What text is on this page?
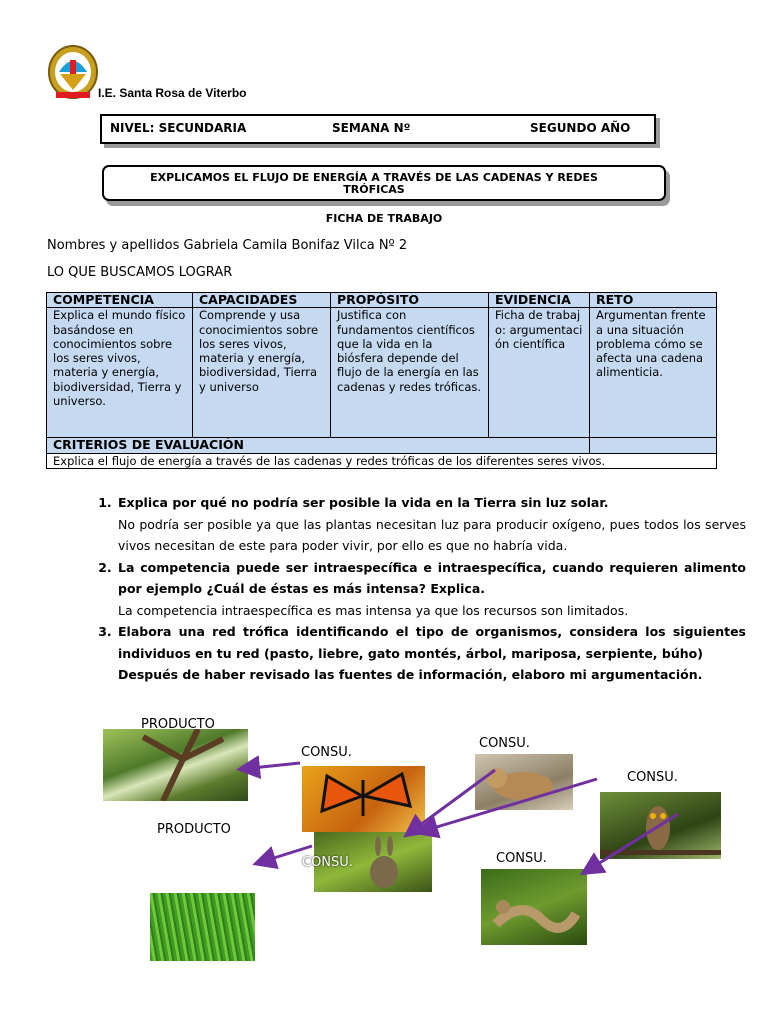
I.E. Santa Rosa de Viterbo
NIVEL: SECUNDARIA	SEMANA Nº	SEGUNDO AÑO
EXPLICAMOS EL FLUJO DE ENERGÍA A TRAVÉS DE LAS CADENAS Y REDES TRÓFICAS
FICHA DE TRABAJO
Nombres y apellidos Gabriela Camila Bonifaz Vilca Nº 2
LO QUE BUSCAMOS LOGRAR
COMPETENCIA	CAPACIDADES	PROPÓSITO	EVIDENCIA	RETO
Explica el mundo físico basándose en conocimientos sobre los seres vivos, materia y energía, biodiversidad, Tierra y universo.	Comprende y usa conocimientos sobre los seres vivos, materia y energía, biodiversidad, Tierra y universo	Justifica con fundamentos científicos que la vida en la biósfera depende del flujo de la energía en las cadenas y redes tróficas.	Ficha de trabajo: argumentación científica	Argumentan frente a una situación problema cómo se afecta una cadena alimenticia.
CRITERIOS DE EVALUACIÓN				
Explica el flujo de energía a través de las cadenas y redes tróficas de los diferentes seres vivos.				
1. Explica por qué no podría ser posible la vida en la Tierra sin luz solar.
No podría ser posible ya que las plantas necesitan luz para producir oxígeno, pues todos los serves vivos necesitan de este para poder vivir, por ello es que no habría vida.
2. La competencia puede ser intraespecífica e intraespecífica, cuando requieren alimento por ejemplo ¿Cuál de éstas es más intensa? Explica.
La competencia intraespecífica es mas intensa ya que los recursos son limitados.
3. Elabora una red trófica identificando el tipo de organismos, considera los siguientes individuos en tu red (pasto, liebre, gato montés, árbol, mariposa, serpiente, búho)
Después de haber revisado las fuentes de información, elaboro mi argumentación.
PRODUCTO
CONSU.
CONSU.
CONSU.
PRODUCTO
CONSU.	CONSU.
